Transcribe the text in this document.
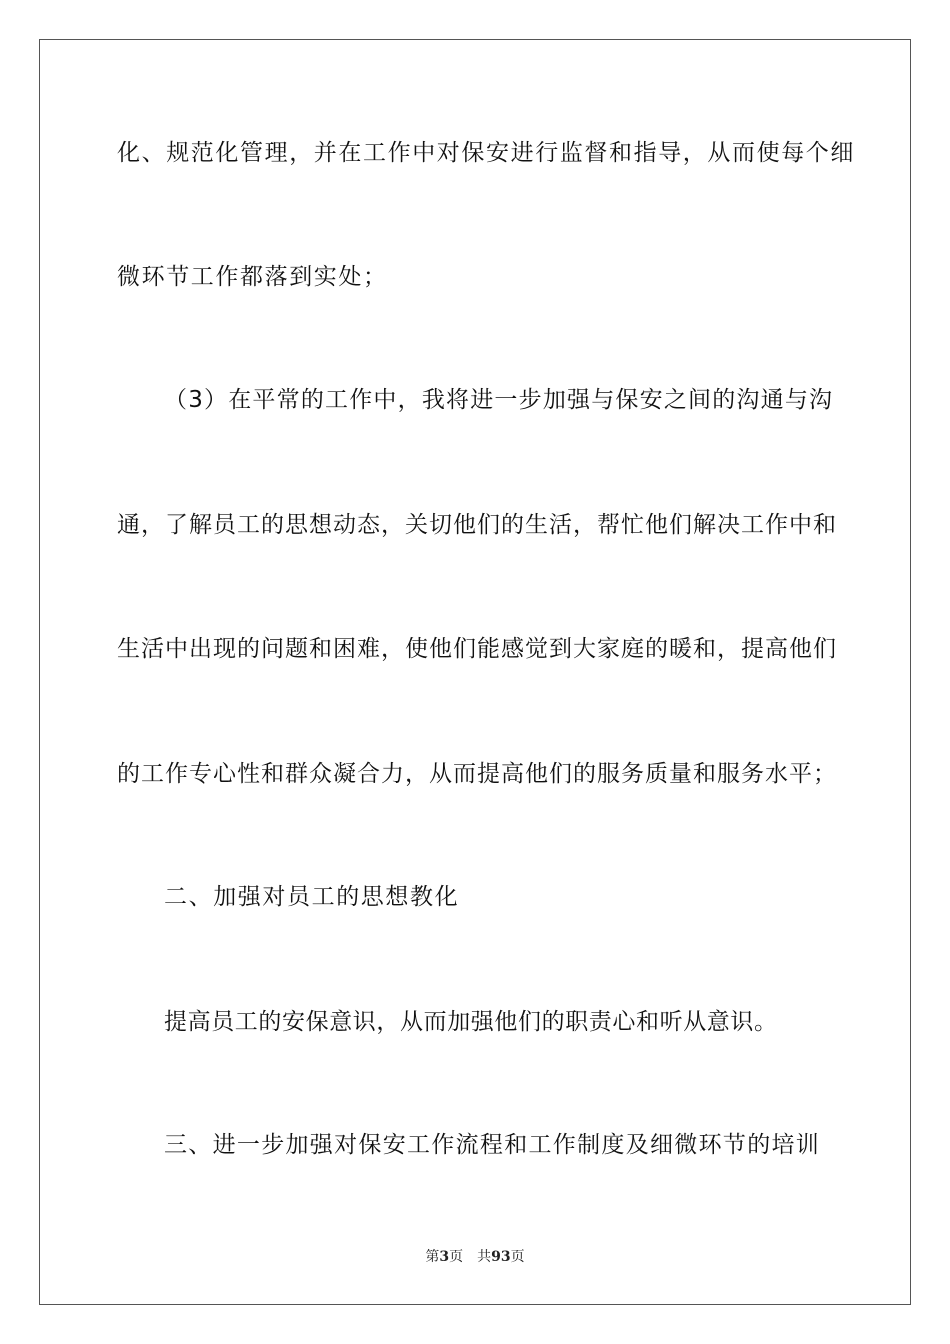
化、规范化管理，并在工作中对保安进行监督和指导，从而使每个细
微环节工作都落到实处；
（3）在平常的工作中，我将进一步加强与保安之间的沟通与沟
通，了解员工的思想动态，关切他们的生活，帮忙他们解决工作中和
生活中出现的问题和困难，使他们能感觉到大家庭的暖和，提高他们
的工作专心性和群众凝合力，从而提高他们的服务质量和服务水平；
二、加强对员工的思想教化
提高员工的安保意识，从而加强他们的职责心和听从意识。
三、进一步加强对保安工作流程和工作制度及细微环节的培训
第3页 共93页
